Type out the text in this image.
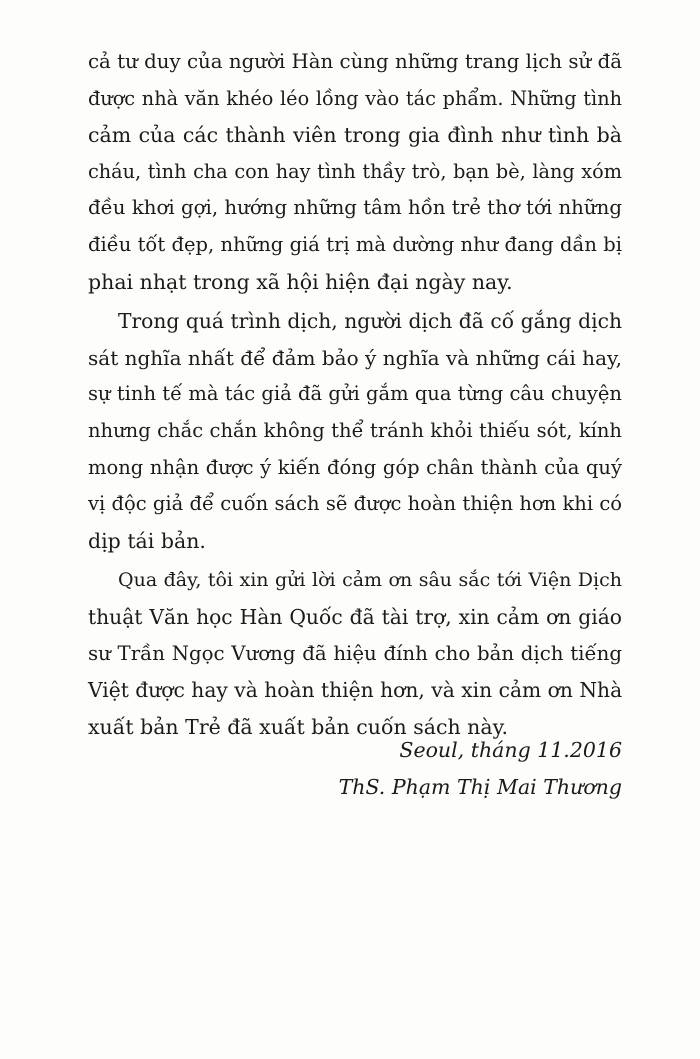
cả tư duy của người Hàn cùng những trang lịch sử đã
được nhà văn khéo léo lồng vào tác phẩm. Những tình
cảm của các thành viên trong gia đình như tình bà
cháu, tình cha con hay tình thầy trò, bạn bè, làng xóm
đều khơi gợi, hướng những tâm hồn trẻ thơ tới những
điều tốt đẹp, những giá trị mà dường như đang dần bị
phai nhạt trong xã hội hiện đại ngày nay.
Trong quá trình dịch, người dịch đã cố gắng dịch
sát nghĩa nhất để đảm bảo ý nghĩa và những cái hay,
sự tinh tế mà tác giả đã gửi gắm qua từng câu chuyện
nhưng chắc chắn không thể tránh khỏi thiếu sót, kính
mong nhận được ý kiến đóng góp chân thành của quý
vị độc giả để cuốn sách sẽ được hoàn thiện hơn khi có
dịp tái bản.
Qua đây, tôi xin gửi lời cảm ơn sâu sắc tới Viện Dịch
thuật Văn học Hàn Quốc đã tài trợ, xin cảm ơn giáo
sư Trần Ngọc Vương đã hiệu đính cho bản dịch tiếng
Việt được hay và hoàn thiện hơn, và xin cảm ơn Nhà
xuất bản Trẻ đã xuất bản cuốn sách này.
Seoul, tháng 11.2016
ThS. Phạm Thị Mai Thương
